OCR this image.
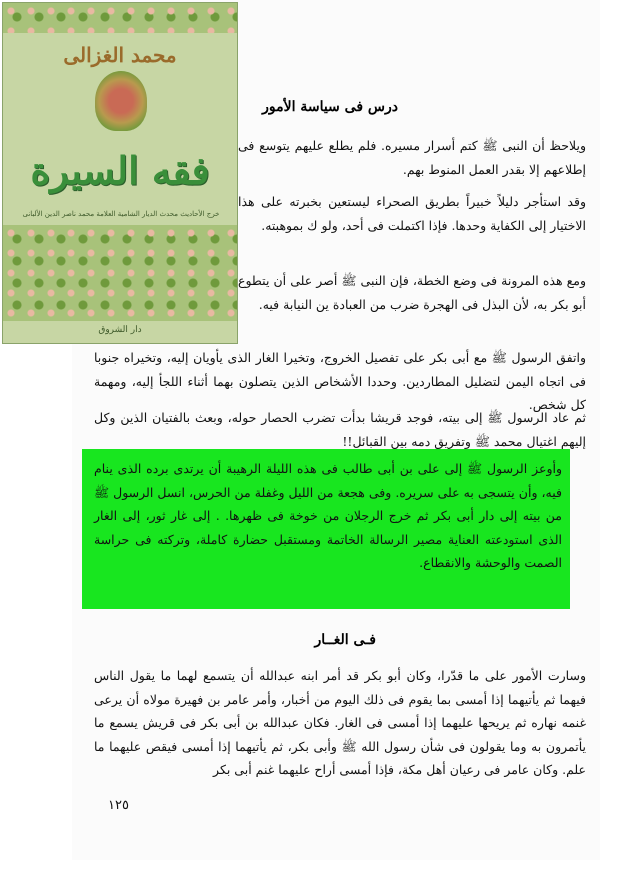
درس فى سياسة الأمور
ويلاحظ أن النبى ﷺ كتم أسرار مسيره. فلم يطلع عليهم يتوسع فى إطلاعهم إلا بقدر العمل المنوط بهم.
وقد استأجر دليلاً خبيراً بطريق الصحراء ليستعين بخبرته على هذا الاختيار إلى الكفاية وحدها. فإذا اكتملت فى أحد، ولو ك بموهبته.
ومع هذه المرونة فى وضع الخطة، فإن النبى ﷺ أصر على أن يتطوع أبو بكر به، لأن البذل فى الهجرة ضرب من العبادة ين النيابة فيه.
واتفق الرسول ﷺ مع أبى بكر على تفصيل الخروج، وتخيرا الغار الذى يأويان إليه، وتخيراه جنوبا فى اتجاه اليمن لتضليل المطاردين. وحددا الأشخاص الذين يتصلون بهما أثناء اللجأ إليه، ومهمة كل شخص.
ثم عاد الرسول ﷺ إلى بيته، فوجد قريشا بدأت تضرب الحصار حوله، وبعث بالفتيان الذين وكل إليهم اغتيال محمد ﷺ وتفريق دمه بين القبائل!!
وأوعز الرسول ﷺ إلى على بن أبى طالب فى هذه الليلة الرهيبة أن يرتدى برده الذى ينام فيه، وأن يتسجى به على سريره. وفى هجعة من الليل وغفلة من الحرس، انسل الرسول ﷺ من بيته إلى دار أبى بكر ثم خرج الرجلان من خوخة فى ظهرها. . إلى غار ثور، إلى الغار الذى استودعته العناية مصير الرسالة الخاتمة ومستقبل حضارة كاملة، وتركته فى حراسة الصمت والوحشة والانقطاع.
فـى الغــار
وسارت الأمور على ما قدّرا، وكان أبو بكر قد أمر ابنه عبدالله أن يتسمع لهما ما يقول الناس فيهما ثم يأتيهما إذا أمسى بما يقوم فى ذلك اليوم من أخبار، وأمر عامر بن فهيرة مولاه أن يرعى غنمه نهاره ثم يريحها عليهما إذا أمسى فى الغار. فكان عبدالله بن أبى بكر فى قريش يسمع ما يأتمرون به وما يقولون فى شأن رسول الله ﷺ وأبى بكر، ثم يأتيهما إذا أمسى فيقص عليهما ما علم. وكان عامر فى رعيان أهل مكة، فإذا أمسى أراح عليهما غنم أبى بكر
١٢٥
محمد الغزالى
فقه السيرة
خرج الأحاديث محدث الديار الشامية العلامة محمد ناصر الدين الألبانى
دار الشروق
